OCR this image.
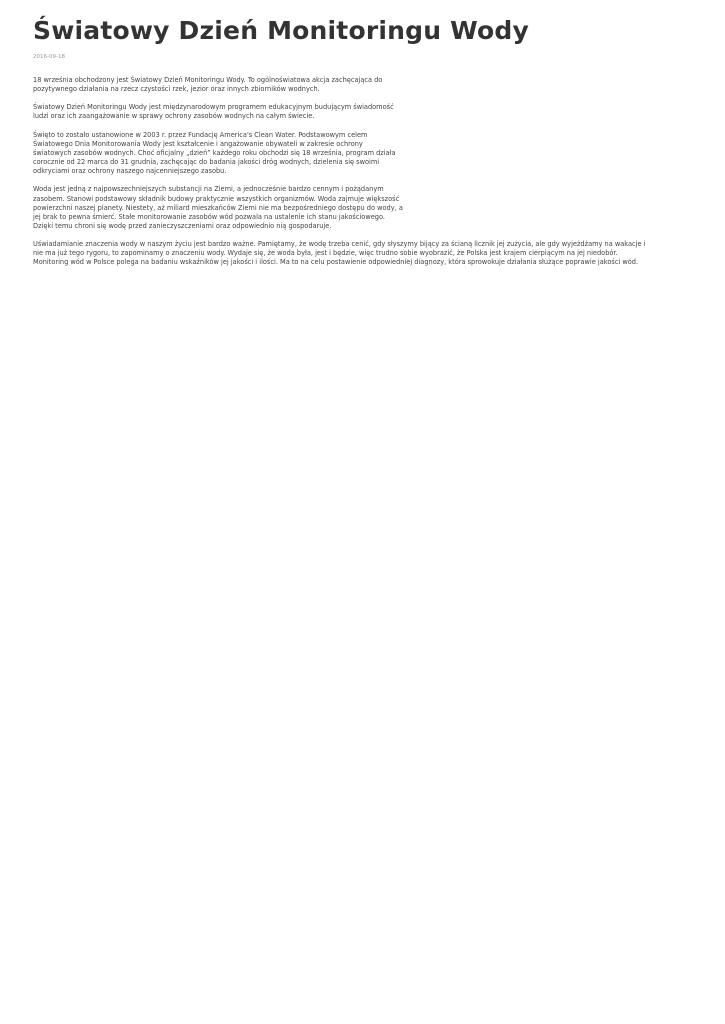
Światowy Dzień Monitoringu Wody
2016-09-18

18 września obchodzony jest Światowy Dzień Monitoringu Wody. To ogólnoświatowa akcja zachęcająca do pozytywnego działania na rzecz czystości rzek, jezior oraz innych zbiorników wodnych.

Światowy Dzień Monitoringu Wody jest międzynarodowym programem edukacyjnym budującym świadomość ludzi oraz ich zaangażowanie w sprawy ochrony zasobów wodnych na całym świecie.

Święto to zostało ustanowione w 2003 r. przez Fundację America's Clean Water. Podstawowym celem Światowego Dnia Monitorowania Wody jest kształcenie i angażowanie obywateli w zakresie ochrony światowych zasobów wodnych. Choć oficjalny „dzień” każdego roku obchodzi się 18 września, program działa corocznie od 22 marca do 31 grudnia, zachęcając do badania jakości dróg wodnych, dzielenia się swoimi odkryciami oraz ochrony naszego najcenniejszego zasobu.

Woda jest jedną z najpowszechniejszych substancji na Ziemi, a jednocześnie bardzo cennym i pożądanym zasobem. Stanowi podstawowy składnik budowy praktycznie wszystkich organizmów. Woda zajmuje większość powierzchni naszej planety. Niestety, aż miliard mieszkańców Ziemi nie ma bezpośredniego dostępu do wody, a jej brak to pewna śmierć. Stałe monitorowanie zasobów wód pozwala na ustalenie ich stanu jakościowego. Dzięki temu chroni się wodę przed zanieczyszczeniami oraz odpowiednio nią gospodaruje.

Uświadamianie znaczenia wody w naszym życiu jest bardzo ważne. Pamiętamy, że wodę trzeba cenić, gdy słyszymy bijący za ścianą licznik jej zużycia, ale gdy wyjeżdżamy na wakacje i nie ma już tego rygoru, to zapominamy o znaczeniu wody. Wydaje się, że woda była, jest i będzie, więc trudno sobie wyobrazić, że Polska jest krajem cierpiącym na jej niedobór. Monitoring wód w Polsce polega na badaniu wskaźników jej jakości i ilości. Ma to na celu postawienie odpowiedniej diagnozy, która sprowokuje działania służące poprawie jakości wód.
